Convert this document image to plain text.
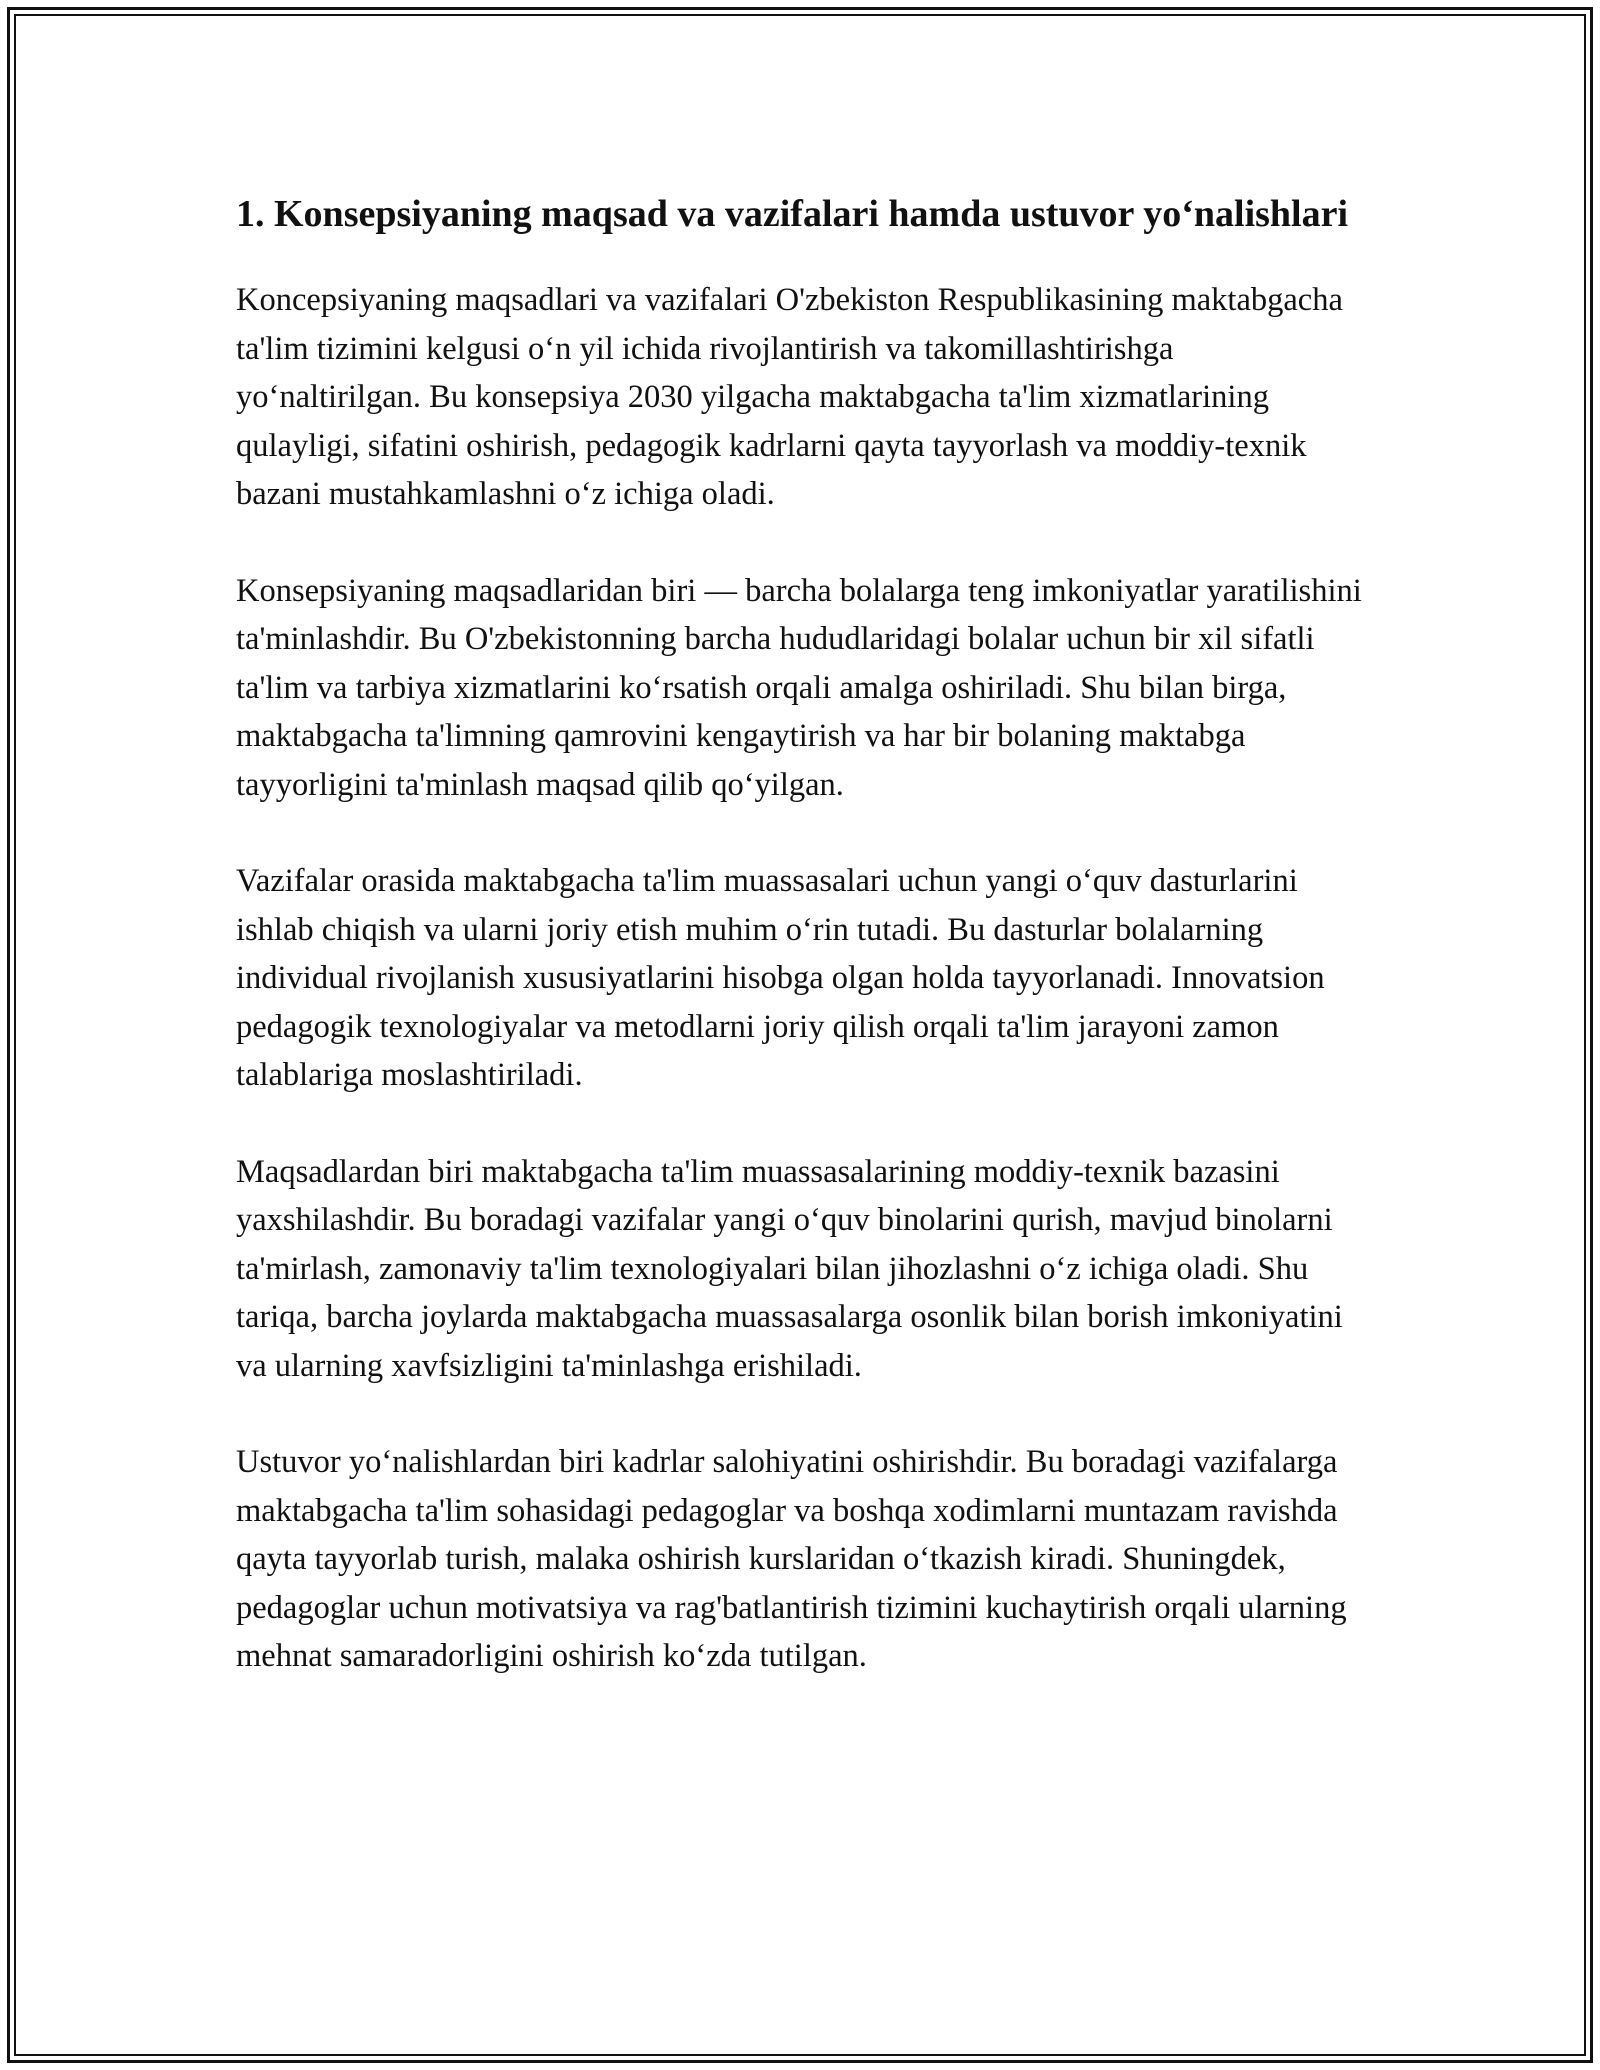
1. Konsepsiyaning maqsad va vazifalari hamda ustuvor yo‘nalishlari

Koncepsiyaning maqsadlari va vazifalari O'zbekiston Respublikasining maktabgacha ta'lim tizimini kelgusi o‘n yil ichida rivojlantirish va takomillashtirishga yo‘naltirilgan. Bu konsepsiya 2030 yilgacha maktabgacha ta'lim xizmatlarining qulayligi, sifatini oshirish, pedagogik kadrlarni qayta tayyorlash va moddiy-texnik bazani mustahkamlashni o‘z ichiga oladi.

Konsepsiyaning maqsadlaridan biri — barcha bolalarga teng imkoniyatlar yaratilishini ta'minlashdir. Bu O'zbekistonning barcha hududlaridagi bolalar uchun bir xil sifatli ta'lim va tarbiya xizmatlarini ko‘rsatish orqali amalga oshiriladi. Shu bilan birga, maktabgacha ta'limning qamrovini kengaytirish va har bir bolaning maktabga tayyorligini ta'minlash maqsad qilib qo‘yilgan.

Vazifalar orasida maktabgacha ta'lim muassasalari uchun yangi o‘quv dasturlarini ishlab chiqish va ularni joriy etish muhim o‘rin tutadi. Bu dasturlar bolalarning individual rivojlanish xususiyatlarini hisobga olgan holda tayyorlanadi. Innovatsion pedagogik texnologiyalar va metodlarni joriy qilish orqali ta'lim jarayoni zamon talablariga moslashtiriladi.

Maqsadlardan biri maktabgacha ta'lim muassasalarining moddiy-texnik bazasini yaxshilashdir. Bu boradagi vazifalar yangi o‘quv binolarini qurish, mavjud binolarni ta'mirlash, zamonaviy ta'lim texnologiyalari bilan jihozlashni o‘z ichiga oladi. Shu tariqa, barcha joylarda maktabgacha muassasalarga osonlik bilan borish imkoniyatini va ularning xavfsizligini ta'minlashga erishiladi.

Ustuvor yo‘nalishlardan biri kadrlar salohiyatini oshirishdir. Bu boradagi vazifalarga maktabgacha ta'lim sohasidagi pedagoglar va boshqa xodimlarni muntazam ravishda qayta tayyorlab turish, malaka oshirish kurslaridan o‘tkazish kiradi. Shuningdek, pedagoglar uchun motivatsiya va rag'batlantirish tizimini kuchaytirish orqali ularning mehnat samaradorligini oshirish ko‘zda tutilgan.
